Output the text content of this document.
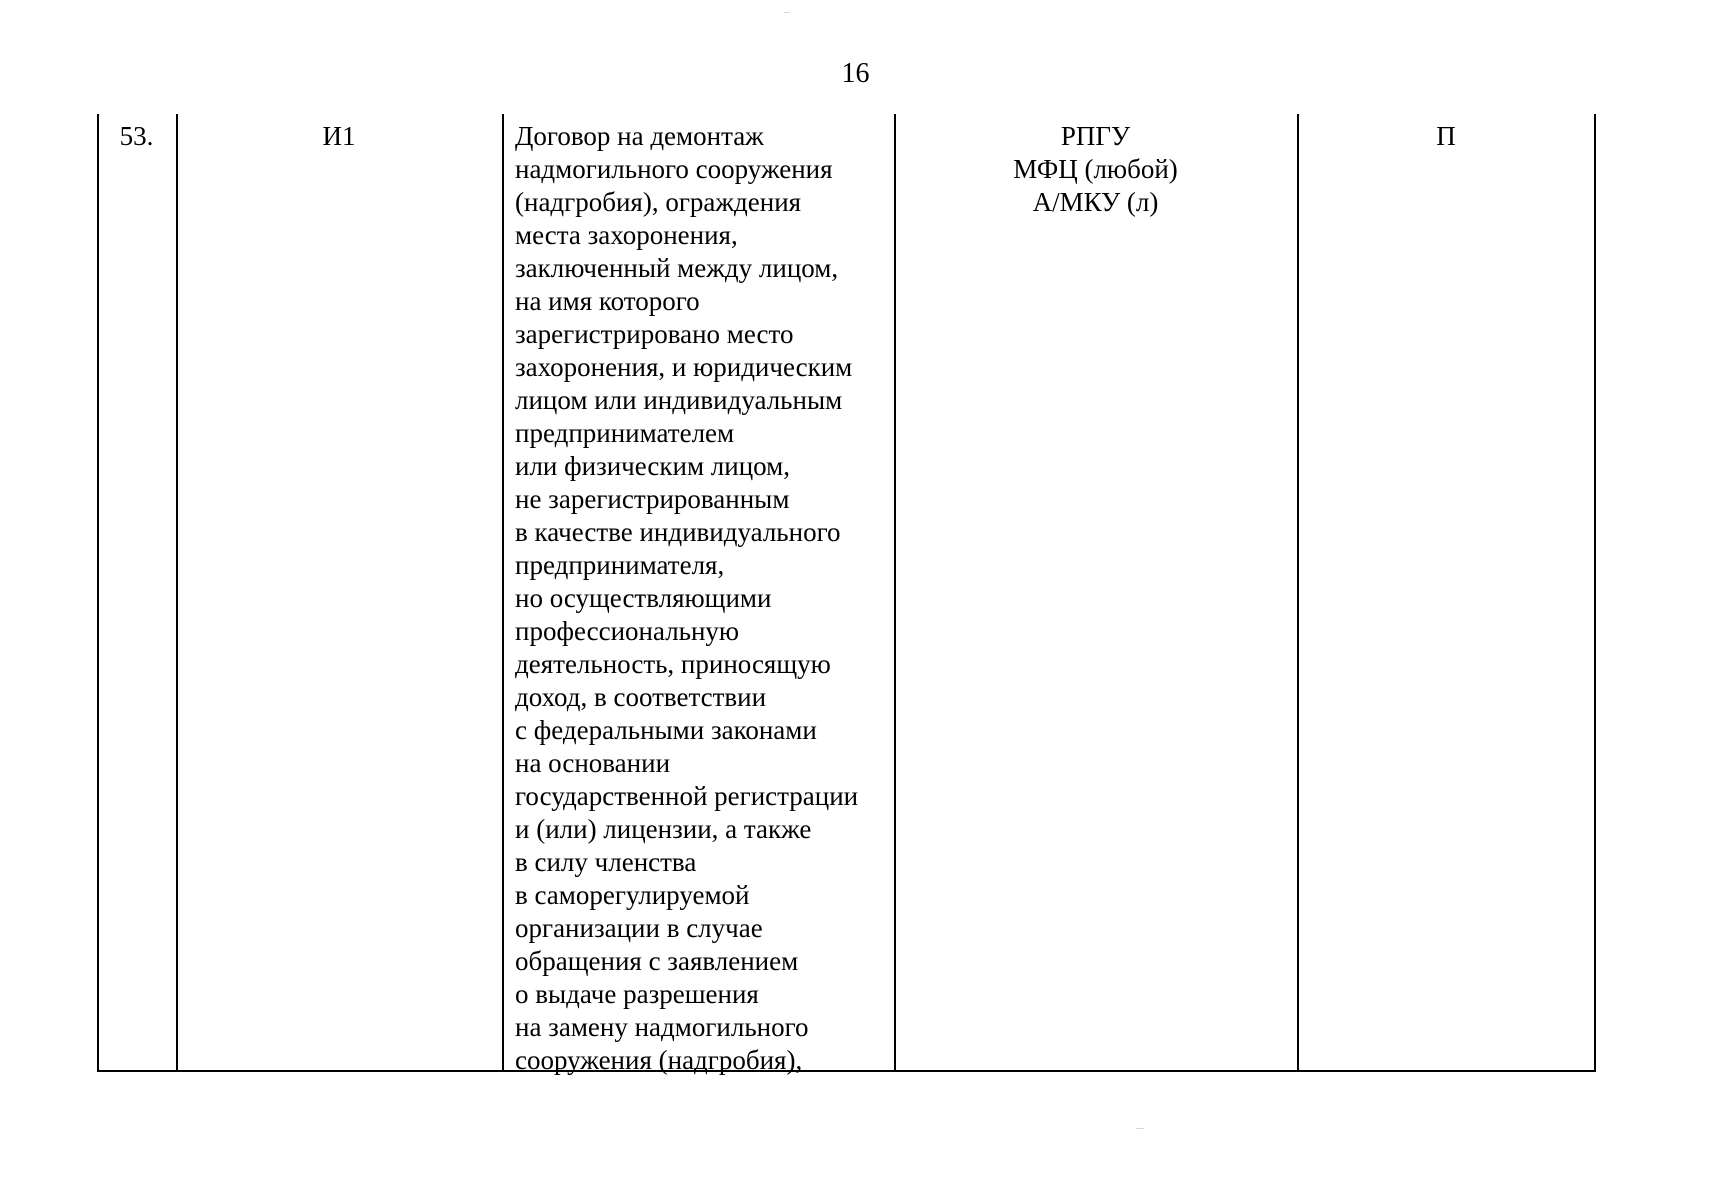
16
53.	И1	Договор на демонтаж
надмогильного сооружения
(надгробия), ограждения
места захоронения,
заключенный между лицом,
на имя которого
зарегистрировано место
захоронения, и юридическим
лицом или индивидуальным
предпринимателем
или физическим лицом,
не зарегистрированным
в качестве индивидуального
предпринимателя,
но осуществляющими
профессиональную
деятельность, приносящую
доход, в соответствии
с федеральными законами
на основании
государственной регистрации
и (или) лицензии, а также
в силу членства
в саморегулируемой
организации в случае
обращения с заявлением
о выдаче разрешения
на замену надмогильного
сооружения (надгробия),
РПГУ
МФЦ (любой)
А/МКУ (л)
П
